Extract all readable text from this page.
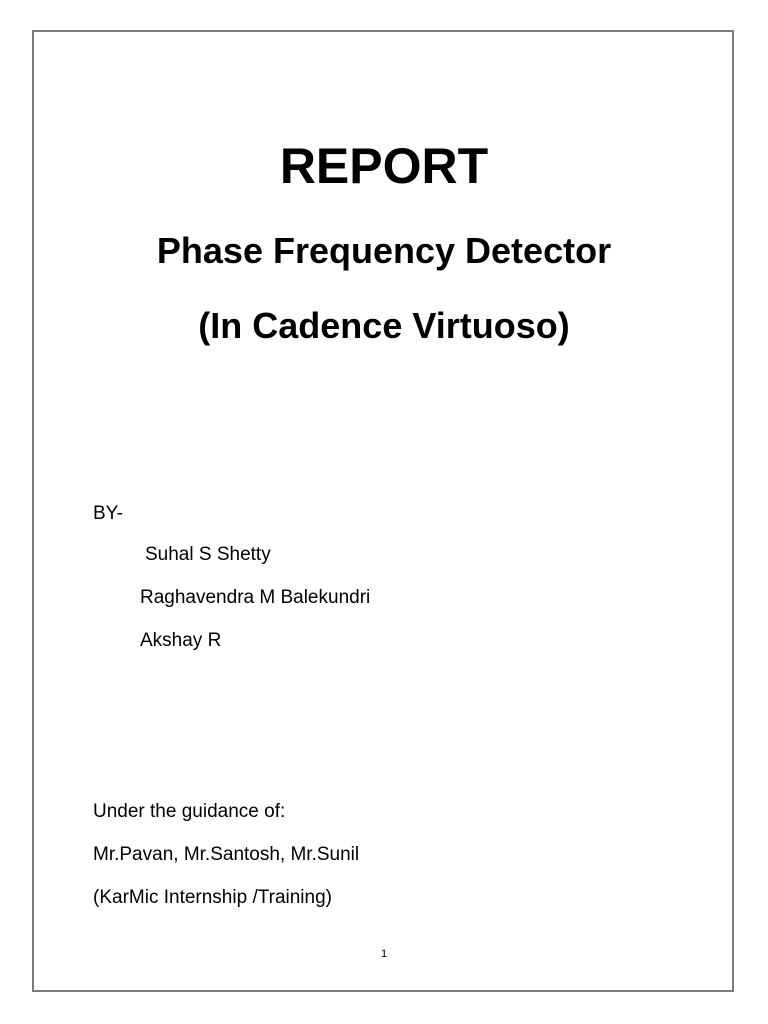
REPORT
Phase Frequency Detector
(In Cadence Virtuoso)
BY-
Suhal S Shetty
Raghavendra M Balekundri
Akshay R
Under the guidance of:
Mr.Pavan, Mr.Santosh, Mr.Sunil
(KarMic Internship /Training)
1
